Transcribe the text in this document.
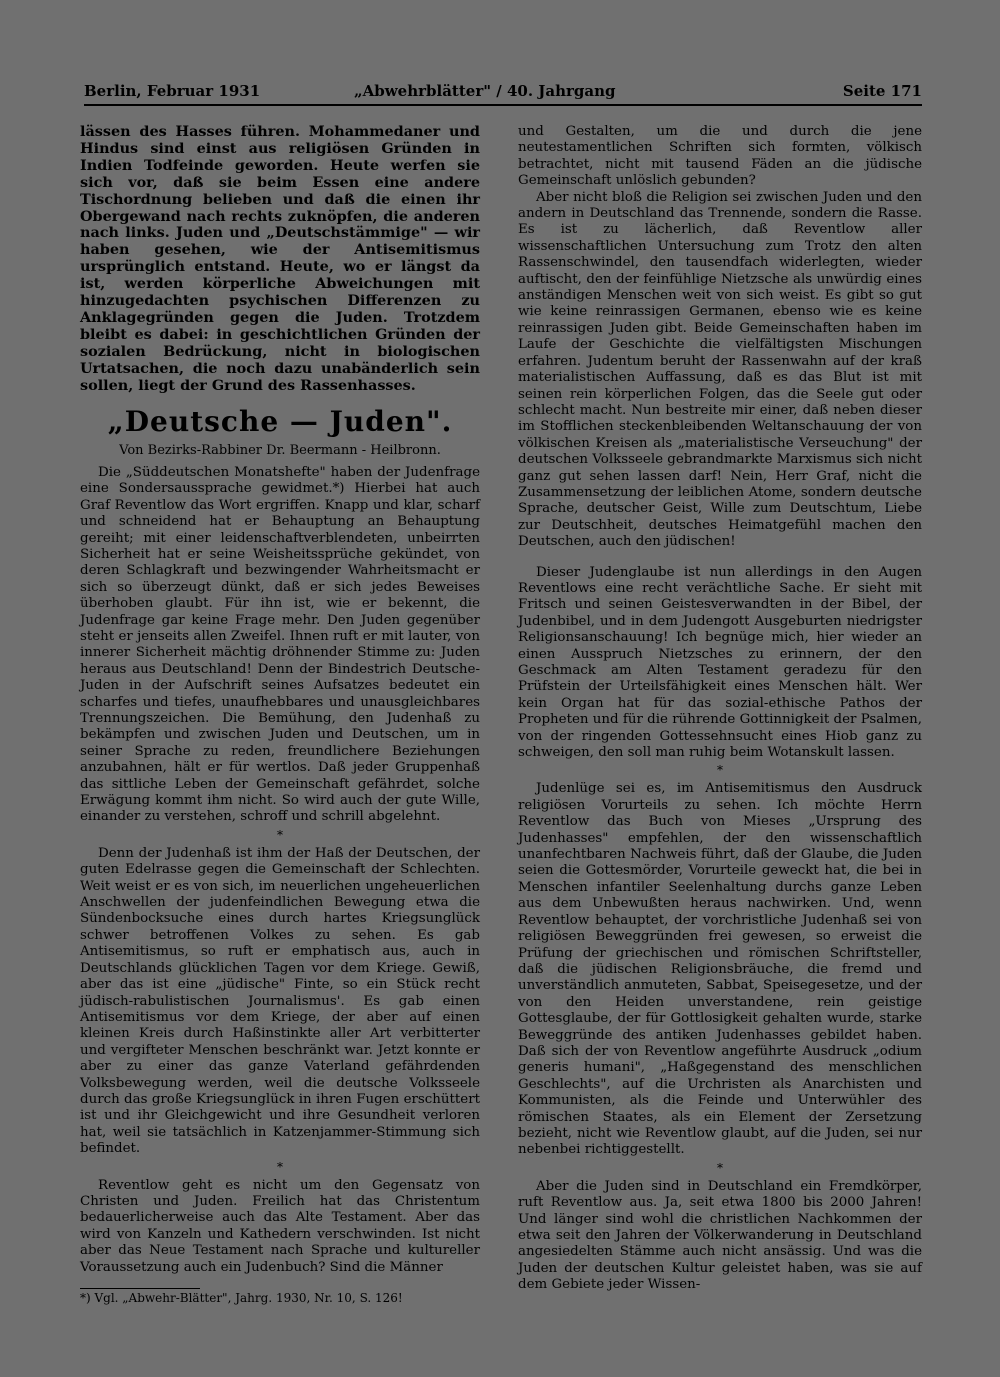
Berlin, Februar 1931	„Abwehrblätter" / 40. Jahrgang	Seite 171

lässen des Hasses führen. Mohammedaner und Hindus sind einst aus religiösen Gründen in Indien Todfeinde geworden. Heute werfen sie sich vor, daß sie beim Essen eine andere Tischordnung belieben und daß die einen ihr Obergewand nach rechts zuknöpfen, die anderen nach links. Juden und „Deutschstämmige" — wir haben gesehen, wie der Antisemitismus ursprünglich entstand. Heute, wo er längst da ist, werden körperliche Abweichungen mit hinzugedachten psychischen Differenzen zu Anklagegründen gegen die Juden. Trotzdem bleibt es dabei: in geschichtlichen Gründen der sozialen Bedrückung, nicht in biologischen Urtatsachen, die noch dazu unabänderlich sein sollen, liegt der Grund des Rassenhasses.

„Deutsche — Juden".
Von Bezirks-Rabbiner Dr. Beermann - Heilbronn.

Die „Süddeutschen Monatshefte" haben der Judenfrage eine Sondersaussprache gewidmet.*) Hierbei hat auch Graf Reventlow das Wort ergriffen. Knapp und klar, scharf und schneidend hat er Behauptung an Behauptung gereiht; mit einer leidenschaftverblendeten, unbeirrten Sicherheit hat er seine Weisheitssprüche gekündet, von deren Schlagkraft und bezwingender Wahrheitsmacht er sich so überzeugt dünkt, daß er sich jedes Beweises überhoben glaubt. Für ihn ist, wie er bekennt, die Judenfrage gar keine Frage mehr. Den Juden gegenüber steht er jenseits allen Zweifel. Ihnen ruft er mit lauter, von innerer Sicherheit mächtig dröhnender Stimme zu: Juden heraus aus Deutschland! Denn der Bindestrich Deutsche-Juden in der Aufschrift seines Aufsatzes bedeutet ein scharfes und tiefes, unaufhebbares und unausgleichbares Trennungszeichen. Die Bemühung, den Judenhaß zu bekämpfen und zwischen Juden und Deutschen, um in seiner Sprache zu reden, freundlichere Beziehungen anzubahnen, hält er für wertlos. Daß jeder Gruppenhaß das sittliche Leben der Gemeinschaft gefährdet, solche Erwägung kommt ihm nicht. So wird auch der gute Wille, einander zu verstehen, schroff und schrill abgelehnt.

*

Denn der Judenhaß ist ihm der Haß der Deutschen, der guten Edelrasse gegen die Gemeinschaft der Schlechten. Weit weist er es von sich, im neuerlichen ungeheuerlichen Anschwellen der judenfeindlichen Bewegung etwa die Sündenbocksuche eines durch hartes Kriegsunglück schwer betroffenen Volkes zu sehen. Es gab Antisemitismus, so ruft er emphatisch aus, auch in Deutschlands glücklichen Tagen vor dem Kriege. Gewiß, aber das ist eine „jüdische" Finte, so ein Stück recht jüdisch-rabulistischen Journalismus'. Es gab einen Antisemitismus vor dem Kriege, der aber auf einen kleinen Kreis durch Haßinstinkte aller Art verbitterter und vergifteter Menschen beschränkt war. Jetzt konnte er aber zu einer das ganze Vaterland gefährdenden Volksbewegung werden, weil die deutsche Volksseele durch das große Kriegsunglück in ihren Fugen erschüttert ist und ihr Gleichgewicht und ihre Gesundheit verloren hat, weil sie tatsächlich in Katzenjammer-Stimmung sich befindet.

*

Reventlow geht es nicht um den Gegensatz von Christen und Juden. Freilich hat das Christentum bedauerlicherweise auch das Alte Testament. Aber das wird von Kanzeln und Kathedern verschwinden. Ist nicht aber das Neue Testament nach Sprache und kultureller Voraussetzung auch ein Judenbuch? Sind die Männer

*) Vgl. „Abwehr-Blätter", Jahrg. 1930, Nr. 10, S. 126!

und Gestalten, um die und durch die jene neutestamentlichen Schriften sich formten, völkisch betrachtet, nicht mit tausend Fäden an die jüdische Gemeinschaft unlöslich gebunden?

Aber nicht bloß die Religion sei zwischen Juden und den andern in Deutschland das Trennende, sondern die Rasse. Es ist zu lächerlich, daß Reventlow aller wissenschaftlichen Untersuchung zum Trotz den alten Rassenschwindel, den tausendfach widerlegten, wieder auftischt, den der feinfühlige Nietzsche als unwürdig eines anständigen Menschen weit von sich weist. Es gibt so gut wie keine reinrassigen Germanen, ebenso wie es keine reinrassigen Juden gibt. Beide Gemeinschaften haben im Laufe der Geschichte die vielfältigsten Mischungen erfahren. Judentum beruht der Rassenwahn auf der kraß materialistischen Auffassung, daß es das Blut ist mit seinen rein körperlichen Folgen, das die Seele gut oder schlecht macht. Nun bestreite mir einer, daß neben dieser im Stofflichen steckenbleibenden Weltanschauung der von völkischen Kreisen als „materialistische Verseuchung" der deutschen Volksseele gebrandmarkte Marxismus sich nicht ganz gut sehen lassen darf! Nein, Herr Graf, nicht die Zusammensetzung der leiblichen Atome, sondern deutsche Sprache, deutscher Geist, Wille zum Deutschtum, Liebe zur Deutschheit, deutsches Heimatgefühl machen den Deutschen, auch den jüdischen!

Dieser Judenglaube ist nun allerdings in den Augen Reventlows eine recht verächtliche Sache. Er sieht mit Fritsch und seinen Geistesverwandten in der Bibel, der Judenbibel, und in dem Judengott Ausgeburten niedrigster Religionsanschauung! Ich begnüge mich, hier wieder an einen Ausspruch Nietzsches zu erinnern, der den Geschmack am Alten Testament geradezu für den Prüfstein der Urteilsfähigkeit eines Menschen hält. Wer kein Organ hat für das sozial-ethische Pathos der Propheten und für die rührende Gottinnigkeit der Psalmen, von der ringenden Gottessehnsucht eines Hiob ganz zu schweigen, den soll man ruhig beim Wotanskult lassen.

*

Judenlüge sei es, im Antisemitismus den Ausdruck religiösen Vorurteils zu sehen. Ich möchte Herrn Reventlow das Buch von Mieses „Ursprung des Judenhasses" empfehlen, der den wissenschaftlich unanfechtbaren Nachweis führt, daß der Glaube, die Juden seien die Gottesmörder, Vorurteile geweckt hat, die bei in Menschen infantiler Seelenhaltung durchs ganze Leben aus dem Unbewußten heraus nachwirken. Und, wenn Reventlow behauptet, der vorchristliche Judenhaß sei von religiösen Beweggründen frei gewesen, so erweist die Prüfung der griechischen und römischen Schriftsteller, daß die jüdischen Religionsbräuche, die fremd und unverständlich anmuteten, Sabbat, Speisegesetze, und der von den Heiden unverstandene, rein geistige Gottesglaube, der für Gottlosigkeit gehalten wurde, starke Beweggründe des antiken Judenhasses gebildet haben. Daß sich der von Reventlow angeführte Ausdruck „odium generis humani", „Haßgegenstand des menschlichen Geschlechts", auf die Urchristen als Anarchisten und Kommunisten, als die Feinde und Unterwühler des römischen Staates, als ein Element der Zersetzung bezieht, nicht wie Reventlow glaubt, auf die Juden, sei nur nebenbei richtiggestellt.

*

Aber die Juden sind in Deutschland ein Fremdkörper, ruft Reventlow aus. Ja, seit etwa 1800 bis 2000 Jahren! Und länger sind wohl die christlichen Nachkommen der etwa seit den Jahren der Völkerwanderung in Deutschland angesiedelten Stämme auch nicht ansässig. Und was die Juden der deutschen Kultur geleistet haben, was sie auf dem Gebiete jeder Wissen-
